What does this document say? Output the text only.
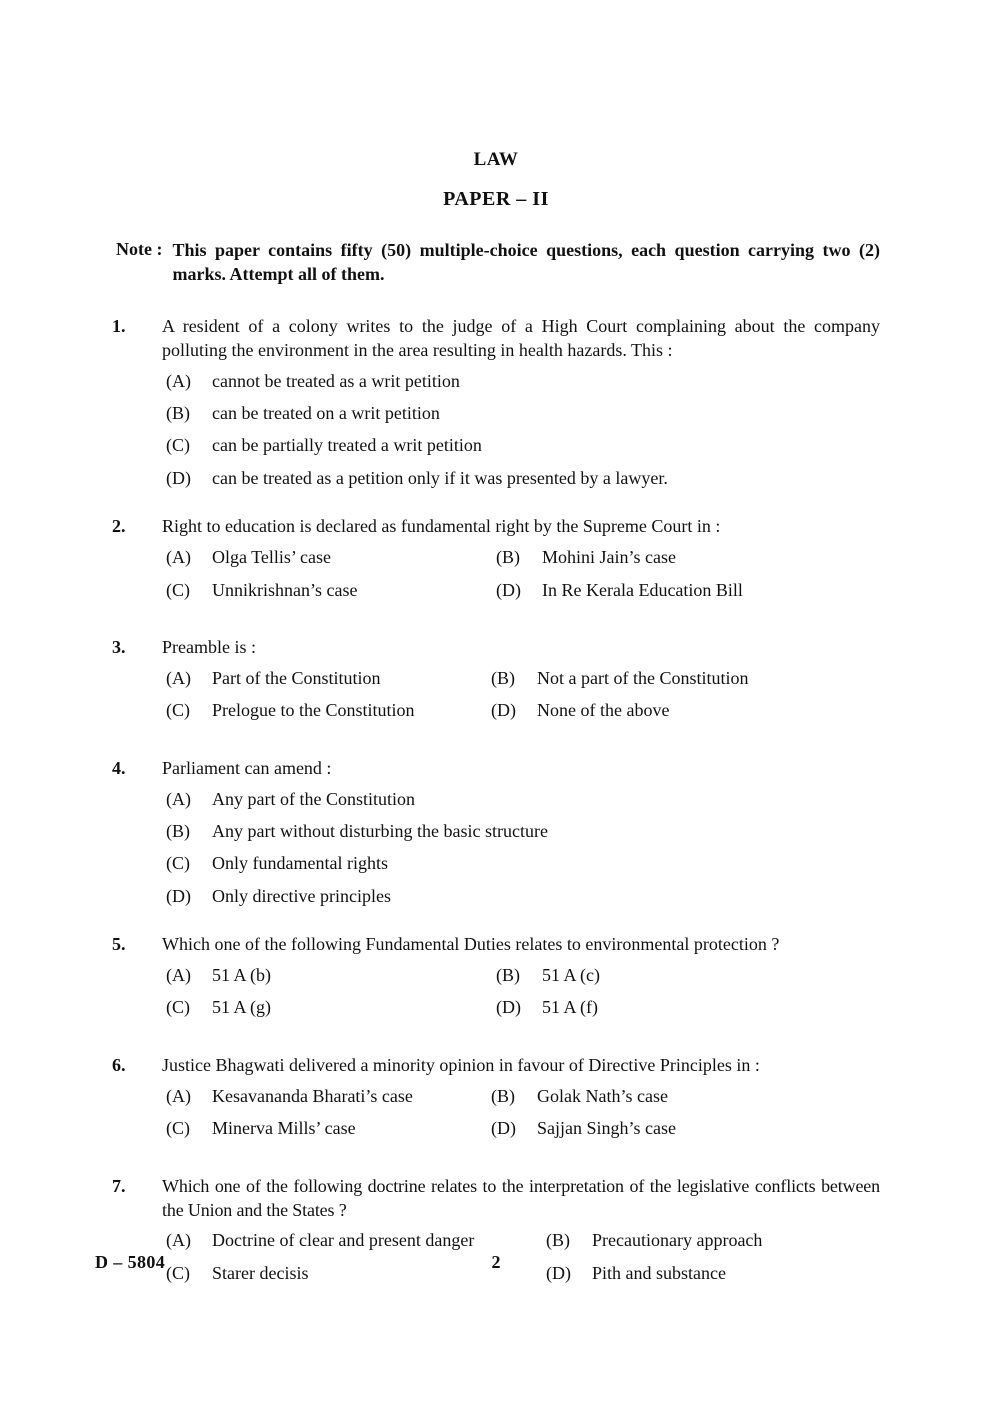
LAW
PAPER – II
Note : This paper contains fifty (50) multiple-choice questions, each question carrying two (2) marks. Attempt all of them.
1.	A resident of a colony writes to the judge of a High Court complaining about the company polluting the environment in the area resulting in health hazards. This :
(A)	cannot be treated as a writ petition
(B)	can be treated on a writ petition
(C)	can be partially treated a writ petition
(D)	can be treated as a petition only if it was presented by a lawyer.
2.	Right to education is declared as fundamental right by the Supreme Court in :
(A)	Olga Tellis’ case	(B)	Mohini Jain’s case
(C)	Unnikrishnan’s case	(D)	In Re Kerala Education Bill
3.	Preamble is :
(A)	Part of the Constitution	(B)	Not a part of the Constitution
(C)	Prelogue to the Constitution	(D)	None of the above
4.	Parliament can amend :
(A)	Any part of the Constitution
(B)	Any part without disturbing the basic structure
(C)	Only fundamental rights
(D)	Only directive principles
5.	Which one of the following Fundamental Duties relates to environmental protection ?
(A)	51 A (b)	(B)	51 A (c)
(C)	51 A (g)	(D)	51 A (f)
6.	Justice Bhagwati delivered a minority opinion in favour of Directive Principles in :
(A)	Kesavananda Bharati’s case	(B)	Golak Nath’s case
(C)	Minerva Mills’ case	(D)	Sajjan Singh’s case
7.	Which one of the following doctrine relates to the interpretation of the legislative conflicts between the Union and the States ?
(A)	Doctrine of clear and present danger	(B)	Precautionary approach
(C)	Starer decisis	(D)	Pith and substance
D – 5804	2
